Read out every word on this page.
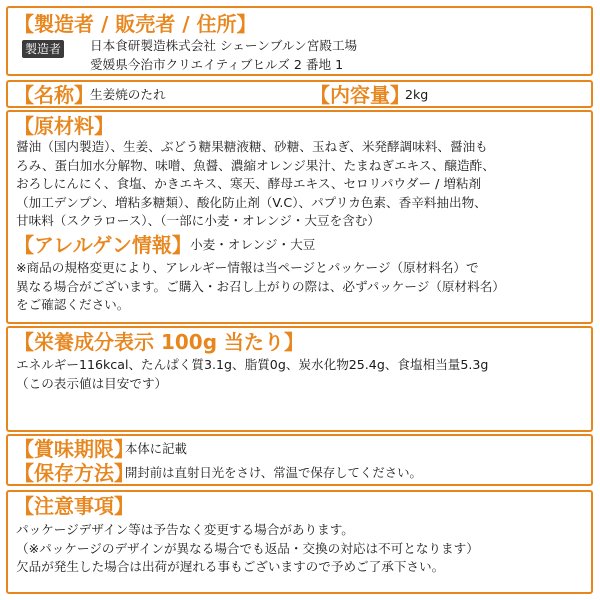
【製造者 / 販売者 / 住所】
製造者 日本食研製造株式会社 シェーンブルン宮殿工場
愛媛県今治市クリエイティブヒルズ 2 番地 1
【名称】
生姜焼のたれ	【内容量】
2kg
【原材料】
醤油（国内製造）、生姜、ぶどう糖果糖液糖、砂糖、玉ねぎ、米発酵調味料、醤油も
ろみ、蛋白加水分解物、味噌、魚醤、濃縮オレンジ果汁、たまねぎエキス、醸造酢、
おろしにんにく、食塩、かきエキス、寒天、酵母エキス、セロリパウダー / 増粘剤
（加工デンプン、増粘多糖類）、酸化防止剤（V.C）、パプリカ色素、香辛料抽出物、
甘味料（スクラロース）、（一部に小麦・オレンジ・大豆を含む）
【アレルゲン情報】
小麦・オレンジ・大豆
※商品の規格変更により、アレルギー情報は当ページとパッケージ（原材料名）で
異なる場合がございます。ご購入・お召し上がりの際は、必ずパッケージ（原材料名）
をご確認ください。
【栄養成分表示 100g 当たり】
エネルギー116kcal、たんぱく質3.1g、脂質0g、炭水化物25.4g、食塩相当量5.3g
（この表示値は目安です）
【賞味期限】
本体に記載
【保存方法】
開封前は直射日光をさけ、常温で保存してください。
【注意事項】
パッケージデザイン等は予告なく変更する場合があります。
（※パッケージのデザインが異なる場合でも返品・交換の対応は不可となります）
欠品が発生した場合は出荷が遅れる事もございますので予めご了承下さい。
